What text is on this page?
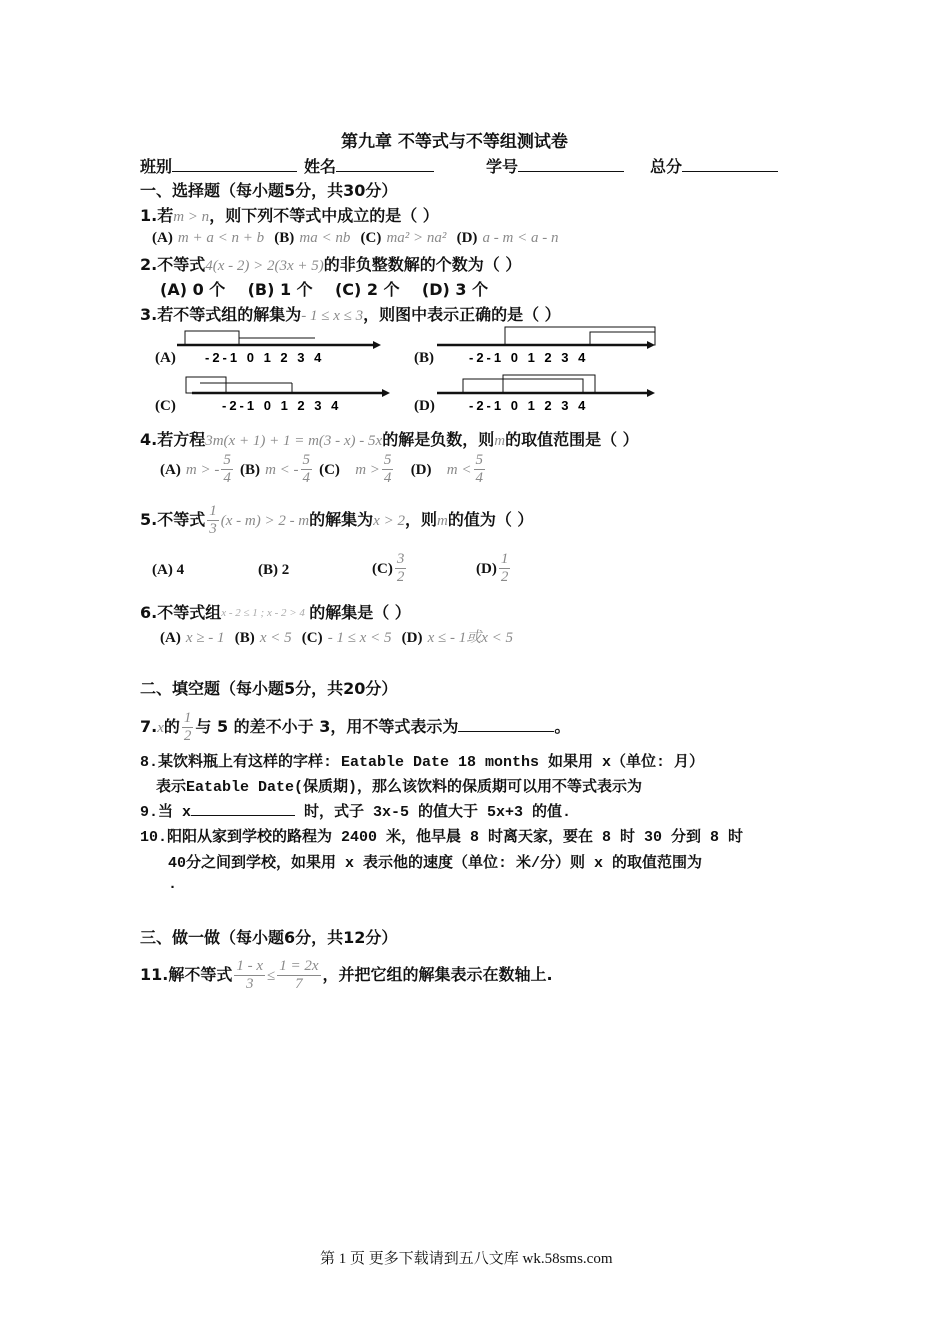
第九章 不等式与不等组测试卷
班别	姓名	学号	总分
一、选择题（每小题5分，共30分）
1.若m > n，则下列不等式中成立的是（ ）
(A) m + a < n + b (B) ma < nb (C) ma² > na² (D) a - m < a - n
2.不等式4(x - 2) > 2(3x + 5)的非负整数解的个数为（ ）
(A) 0 个 (B) 1 个 (C) 2 个 (D) 3 个
3.若不等式组的解集为- 1 ≤ x ≤ 3，则图中表示正确的是（ ）
(A) -2-1 0 1 2 3 4	(B)	-2-1 0 1 2 3 4
(C)	-2-1 0 1 2 3 4	(D)	-2-1 0 1 2 3 4
4.若方程3m(x + 1) + 1 = m(3 - x) - 5x的解是负数，则m的取值范围是（ ）
(A) m > - $\frac{5}{4} (B) m$ < - $\frac{5}{4} (C) m > \frac{5}{4} (D) m < \frac{5}{4}$
5.不等式 $\frac{1}{3} (x - m) > 2 - m$的解集为x > 2，则m的值为（ ）
(A) 4	(B) 2	$(C) \frac{3}{2}$	$(D) \frac{1}{2}$
6.不等式组x - 2 ≤ 1 ; x - 2 > 4 的解集是（ ）
(A) x ≥ - 1 (B) x < 5 (C) - 1 ≤ x < 5 (D) x ≤ - 1或x < 5
二、填空题（每小题5分，共20分）
7.x的 $\frac{1}{2}$ 与 5 的差不小于 3，用不等式表示为	。
8.某饮料瓶上有这样的字样: Eatable Date 18 months 如果用 x（单位: 月）
表示Eatable Date(保质期)，那么该饮料的保质期可以用不等式表示为
9.当 x	时，式子 3x-5 的值大于 5x+3 的值.
10.阳阳从家到学校的路程为 2400 米，他早晨 8 时离天家，要在 8 时 30 分到 8 时
40分之间到学校，如果用 x 表示他的速度（单位: 米/分）则 x 的取值范围为
.
三、做一做（每小题6分，共12分）
11.解不等式 $\frac{1 - x}{3} \le \frac{1 = 2x}{7}$ ，并把它组的解集表示在数轴上.
第 1 页 更多下载请到五八文库 wk.58sms.com
